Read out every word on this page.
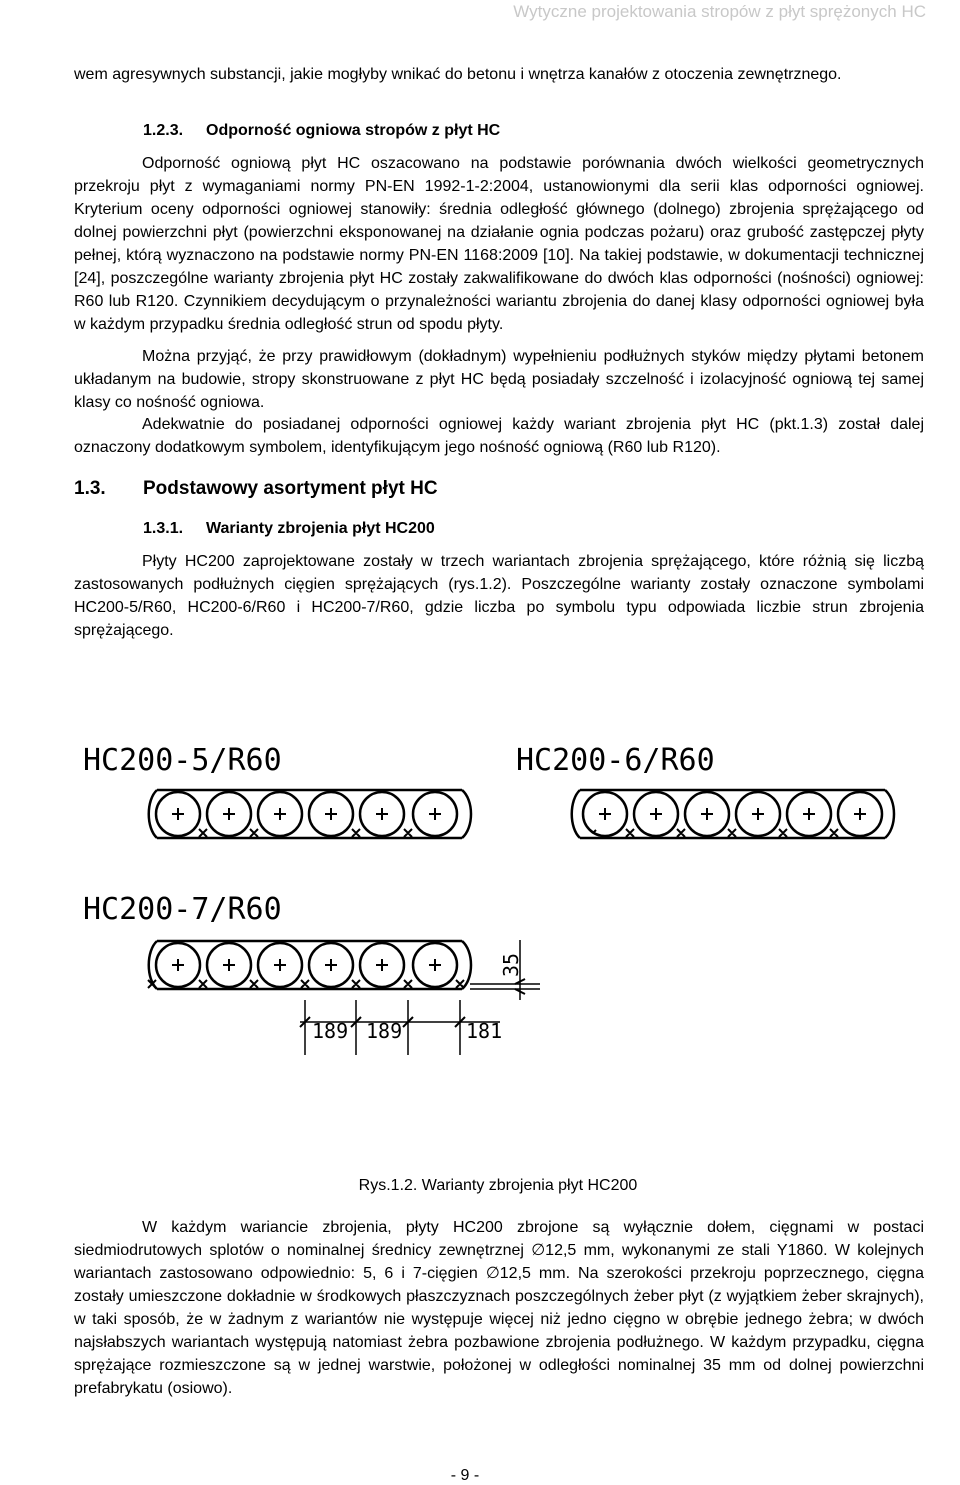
Wytyczne projektowania stropów z płyt sprężonych HC
wem agresywnych substancji, jakie mogłyby wnikać do betonu i wnętrza kanałów z otoczenia zewnętrznego.
1.2.3. Odporność ogniowa stropów z płyt HC
Odporność ogniową płyt HC oszacowano na podstawie porównania dwóch wielkości geometrycznych przekroju płyt z wymaganiami normy PN-EN 1992-1-2:2004, ustanowionymi dla serii klas odporności ogniowej. Kryterium oceny odporności ogniowej stanowiły: średnia odległość głównego (dolnego) zbrojenia sprężającego od dolnej powierzchni płyt (powierzchni eksponowanej na działanie ognia podczas pożaru) oraz grubość zastępczej płyty pełnej, którą wyznaczono na podstawie normy PN-EN 1168:2009 [10]. Na takiej podstawie, w dokumentacji technicznej [24], poszczególne warianty zbrojenia płyt HC zostały zakwalifikowane do dwóch klas odporności (nośności) ogniowej: R60 lub R120. Czynnikiem decydującym o przynależności wariantu zbrojenia do danej klasy odporności ogniowej była w każdym przypadku średnia odległość strun od spodu płyty.
Można przyjąć, że przy prawidłowym (dokładnym) wypełnieniu podłużnych styków między płytami betonem układanym na budowie, stropy skonstruowane z płyt HC będą posiadały szczelność i izolacyjność ogniową tej samej klasy co nośność ogniowa.
Adekwatnie do posiadanej odporności ogniowej każdy wariant zbrojenia płyt HC (pkt.1.3) został dalej oznaczony dodatkowym symbolem, identyfikującym jego nośność ogniową (R60 lub R120).
1.3. Podstawowy asortyment płyt HC
1.3.1. Warianty zbrojenia płyt HC200
Płyty HC200 zaprojektowane zostały w trzech wariantach zbrojenia sprężającego, które różnią się liczbą zastosowanych podłużnych cięgien sprężających (rys.1.2). Poszczególne warianty zostały oznaczone symbolami HC200-5/R60, HC200-6/R60 i HC200-7/R60, gdzie liczba po symbolu typu odpowiada liczbie strun zbrojenia sprężającego.
HC200-5/R60	HC200-6/R60
HC200-7/R60
35
189 189	181
Rys.1.2. Warianty zbrojenia płyt HC200
W każdym wariancie zbrojenia, płyty HC200 zbrojone są wyłącznie dołem, cięgnami w postaci siedmiodrutowych splotów o nominalnej średnicy zewnętrznej ∅12,5 mm, wykonanymi ze stali Y1860. W kolejnych wariantach zastosowano odpowiednio: 5, 6 i 7-cięgien ∅12,5 mm. Na szerokości przekroju poprzecznego, cięgna zostały umieszczone dokładnie w środkowych płaszczyznach poszczególnych żeber płyt (z wyjątkiem żeber skrajnych), w taki sposób, że w żadnym z wariantów nie występuje więcej niż jedno cięgno w obrębie jednego żebra; w dwóch najsłabszych wariantach występują natomiast żebra pozbawione zbrojenia podłużnego. W każdym przypadku, cięgna sprężające rozmieszczone są w jednej warstwie, położonej w odległości nominalnej 35 mm od dolnej powierzchni prefabrykatu (osiowo).
- 9 -
